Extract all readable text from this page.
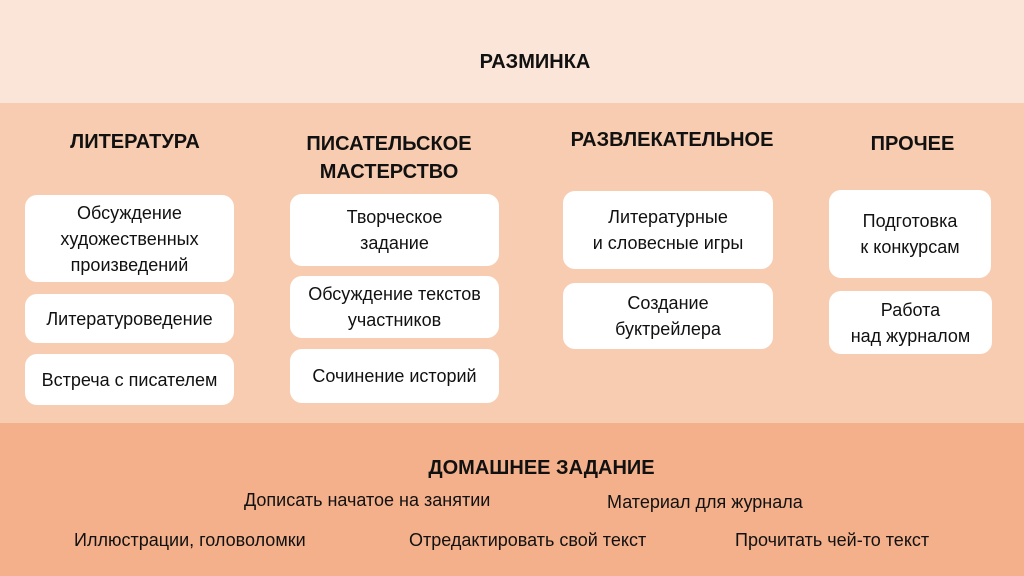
РАЗМИНКА
ЛИТЕРАТУРА
Обсуждение
художественных
произведений
Литературоведение
Встреча с писателем
ПИСАТЕЛЬСКОЕ
МАСТЕРСТВО
Творческое
задание
Обсуждение текстов
участников
Сочинение историй
РАЗВЛЕКАТЕЛЬНОЕ
Литературные
и словесные игры
Создание
буктрейлера
ПРОЧЕЕ
Подготовка
к конкурсам
Работа
над журналом
ДОМАШНЕЕ ЗАДАНИЕ
Дописать начатое на занятии	Материал для журнала
Иллюстрации, головоломки	Отредактировать свой текст	Прочитать чей-то текст
